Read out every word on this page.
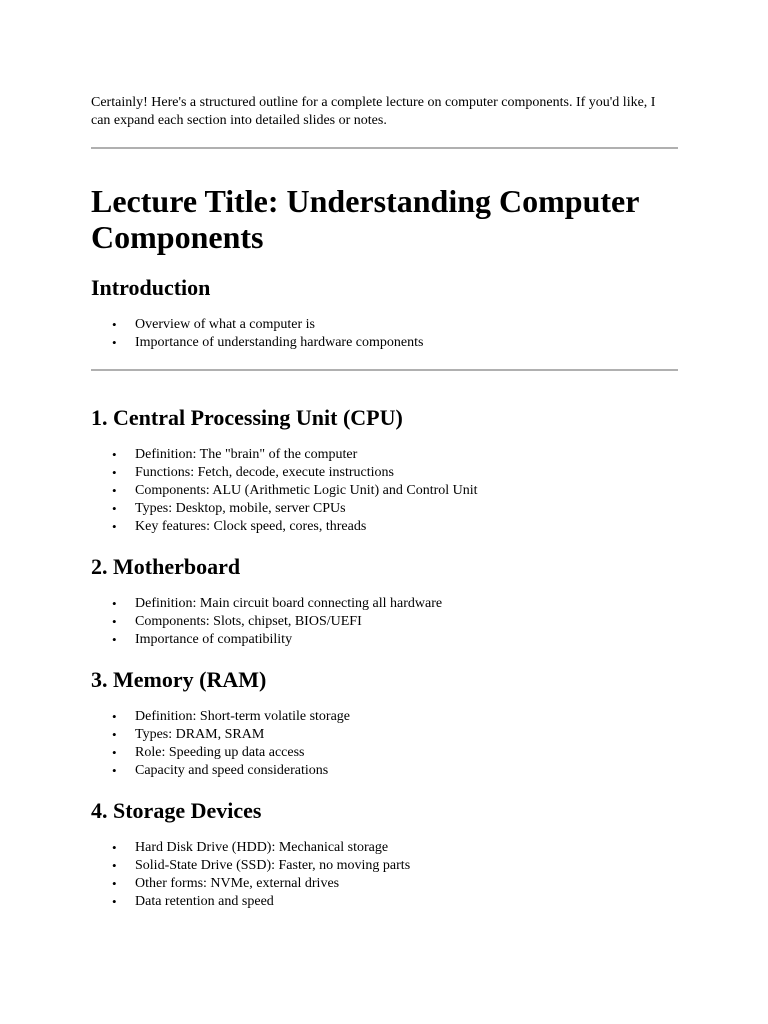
Certainly! Here's a structured outline for a complete lecture on computer components. If you'd like, I can expand each section into detailed slides or notes.

Lecture Title: Understanding Computer Components
Introduction
• Overview of what a computer is
• Importance of understanding hardware components
1. Central Processing Unit (CPU)
• Definition: The "brain" of the computer
• Functions: Fetch, decode, execute instructions
• Components: ALU (Arithmetic Logic Unit) and Control Unit
• Types: Desktop, mobile, server CPUs
• Key features: Clock speed, cores, threads
2. Motherboard
• Definition: Main circuit board connecting all hardware
• Components: Slots, chipset, BIOS/UEFI
• Importance of compatibility
3. Memory (RAM)
• Definition: Short-term volatile storage
• Types: DRAM, SRAM
• Role: Speeding up data access
• Capacity and speed considerations
4. Storage Devices
• Hard Disk Drive (HDD): Mechanical storage
• Solid-State Drive (SSD): Faster, no moving parts
• Other forms: NVMe, external drives
• Data retention and speed
